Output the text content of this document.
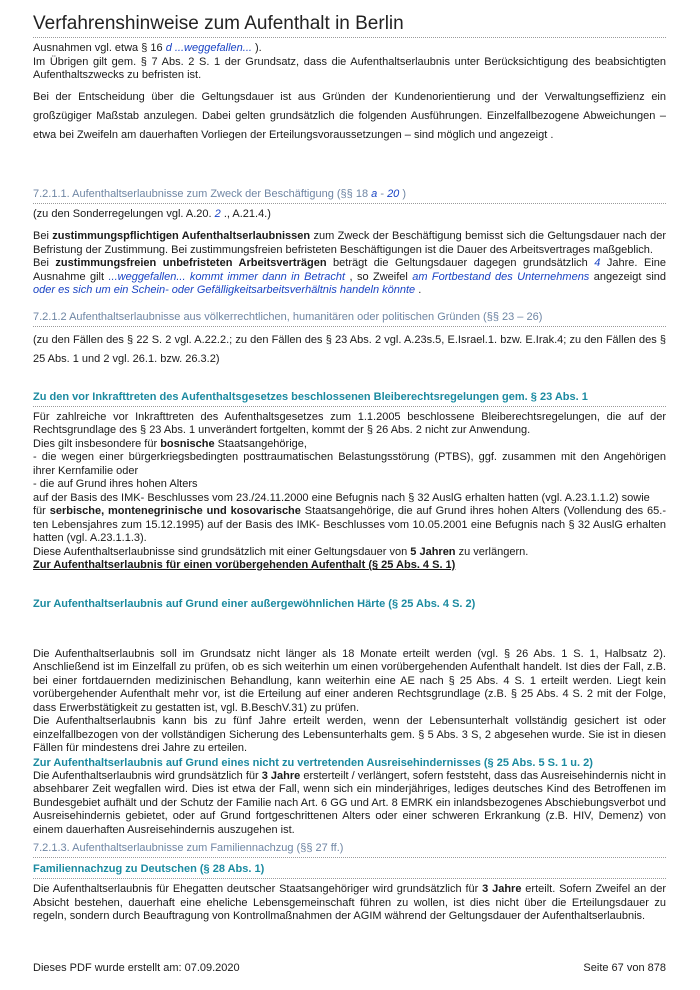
Verfahrenshinweise zum Aufenthalt in Berlin

Ausnahmen vgl. etwa § 16 d ...weggefallen... ).

Im Übrigen gilt gem. § 7 Abs. 2 S. 1 der Grundsatz, dass die Aufenthaltserlaubnis unter Berücksichtigung des beabsichtigten Aufenthaltszwecks zu befristen ist.

Bei der Entscheidung über die Geltungsdauer ist aus Gründen der Kundenorientierung und der Verwaltungseffizienz ein großzügiger Maßstab anzulegen. Dabei gelten grundsätzlich die folgenden Ausführungen. Einzelfallbezogene Abweichungen – etwa bei Zweifeln am dauerhaften Vorliegen der Erteilungsvoraussetzungen – sind möglich und angezeigt .

7.2.1.1. Aufenthaltserlaubnisse zum Zweck der Beschäftigung (§§ 18 a - 20 )

(zu den Sonderregelungen vgl. A.20. 2 ., A.21.4.)

Bei zustimmungspflichtigen Aufenthaltserlaubnissen zum Zweck der Beschäftigung bemisst sich die Geltungsdauer nach der Befristung der Zustimmung. Bei zustimmungsfreien befristeten Beschäftigungen ist die Dauer des Arbeitsvertrages maßgeblich.

Bei zustimmungsfreien unbefristeten Arbeitsverträgen beträgt die Geltungsdauer dagegen grundsätzlich 4 Jahre. Eine Ausnahme gilt ...weggefallen... kommt immer dann in Betracht , so Zweifel am Fortbestand des Unternehmens angezeigt sind oder es sich um ein Schein- oder Gefälligkeitsarbeitsverhältnis handeln könnte .

7.2.1.2 Aufenthaltserlaubnisse aus völkerrechtlichen, humanitären oder politischen Gründen (§§ 23 – 26)

(zu den Fällen des § 22 S. 2 vgl. A.22.2.; zu den Fällen des § 23 Abs. 2 vgl. A.23s.5, E.Israel.1. bzw. E.Irak.4; zu den Fällen des § 25 Abs. 1 und 2 vgl. 26.1. bzw. 26.3.2)

Zu den vor Inkrafttreten des Aufenthaltsgesetzes beschlossenen Bleiberechtsregelungen gem. § 23 Abs. 1

Für zahlreiche vor Inkrafttreten des Aufenthaltsgesetzes zum 1.1.2005 beschlossene Bleiberechtsregelungen, die auf der Rechtsgrundlage des § 23 Abs. 1 unverändert fortgelten, kommt der § 26 Abs. 2 nicht zur Anwendung.

Dies gilt insbesondere für bosnische Staatsangehörige,

- die wegen einer bürgerkriegsbedingten posttraumatischen Belastungsstörung (PTBS), ggf. zusammen mit den Angehörigen ihrer Kernfamilie oder

- die auf Grund ihres hohen Alters

auf der Basis des IMK- Beschlusses vom 23./24.11.2000 eine Befugnis nach § 32 AuslG erhalten hatten (vgl. A.23.1.1.2) sowie

für serbische, montenegrinische und kosovarische Staatsangehörige, die auf Grund ihres hohen Alters (Vollendung des 65.-ten Lebensjahres zum 15.12.1995) auf der Basis des IMK- Beschlusses vom 10.05.2001 eine Befugnis nach § 32 AuslG erhalten hatten (vgl. A.23.1.1.3).

Diese Aufenthaltserlaubnisse sind grundsätzlich mit einer Geltungsdauer von 5 Jahren zu verlängern.

Zur Aufenthaltserlaubnis für einen vorübergehenden Aufenthalt (§ 25 Abs. 4 S. 1)

Zur Aufenthaltserlaubnis auf Grund einer außergewöhnlichen Härte (§ 25 Abs. 4 S. 2)

Die Aufenthaltserlaubnis soll im Grundsatz nicht länger als 18 Monate erteilt werden (vgl. § 26 Abs. 1 S. 1, Halbsatz 2). Anschließend ist im Einzelfall zu prüfen, ob es sich weiterhin um einen vorübergehenden Aufenthalt handelt. Ist dies der Fall, z.B. bei einer fortdauernden medizinischen Behandlung, kann weiterhin eine AE nach § 25 Abs. 4 S. 1 erteilt werden. Liegt kein vorübergehender Aufenthalt mehr vor, ist die Erteilung auf einer anderen Rechtsgrundlage (z.B. § 25 Abs. 4 S. 2 mit der Folge, dass Erwerbstätigkeit zu gestatten ist, vgl. B.BeschV.31) zu prüfen.

Die Aufenthaltserlaubnis kann bis zu fünf Jahre erteilt werden, wenn der Lebensunterhalt vollständig gesichert ist oder einzelfallbezogen von der vollständigen Sicherung des Lebensunterhalts gem. § 5 Abs. 3 S, 2 abgesehen wurde. Sie ist in diesen Fällen für mindestens drei Jahre zu erteilen.

Zur Aufenthaltserlaubnis auf Grund eines nicht zu vertretenden Ausreisehindernisses (§ 25 Abs. 5 S. 1 u. 2)

Die Aufenthaltserlaubnis wird grundsätzlich für 3 Jahre ersterteilt / verlängert, sofern feststeht, dass das Ausreisehindernis nicht in absehbarer Zeit wegfallen wird. Dies ist etwa der Fall, wenn sich ein minderjähriges, lediges deutsches Kind des Betroffenen im Bundesgebiet aufhält und der Schutz der Familie nach Art. 6 GG und Art. 8 EMRK ein inlandsbezogenes Abschiebungsverbot und Ausreisehindernis gebietet, oder auf Grund fortgeschrittenen Alters oder einer schweren Erkrankung (z.B. HIV, Demenz) von einem dauerhaften Ausreisehindernis auszugehen ist.

7.2.1.3. Aufenthaltserlaubnisse zum Familiennachzug (§§ 27 ff.)
Familiennachzug zu Deutschen (§ 28 Abs. 1)

Die Aufenthaltserlaubnis für Ehegatten deutscher Staatsangehöriger wird grundsätzlich für 3 Jahre erteilt. Sofern Zweifel an der Absicht bestehen, dauerhaft eine eheliche Lebensgemeinschaft führen zu wollen, ist dies nicht über die Erteilungsdauer zu regeln, sondern durch Beauftragung von Kontrollmaßnahmen der AGIM während der Geltungsdauer der Aufenthaltserlaubnis.

Dieses PDF wurde erstellt am: 07.09.2020	Seite 67 von 878
